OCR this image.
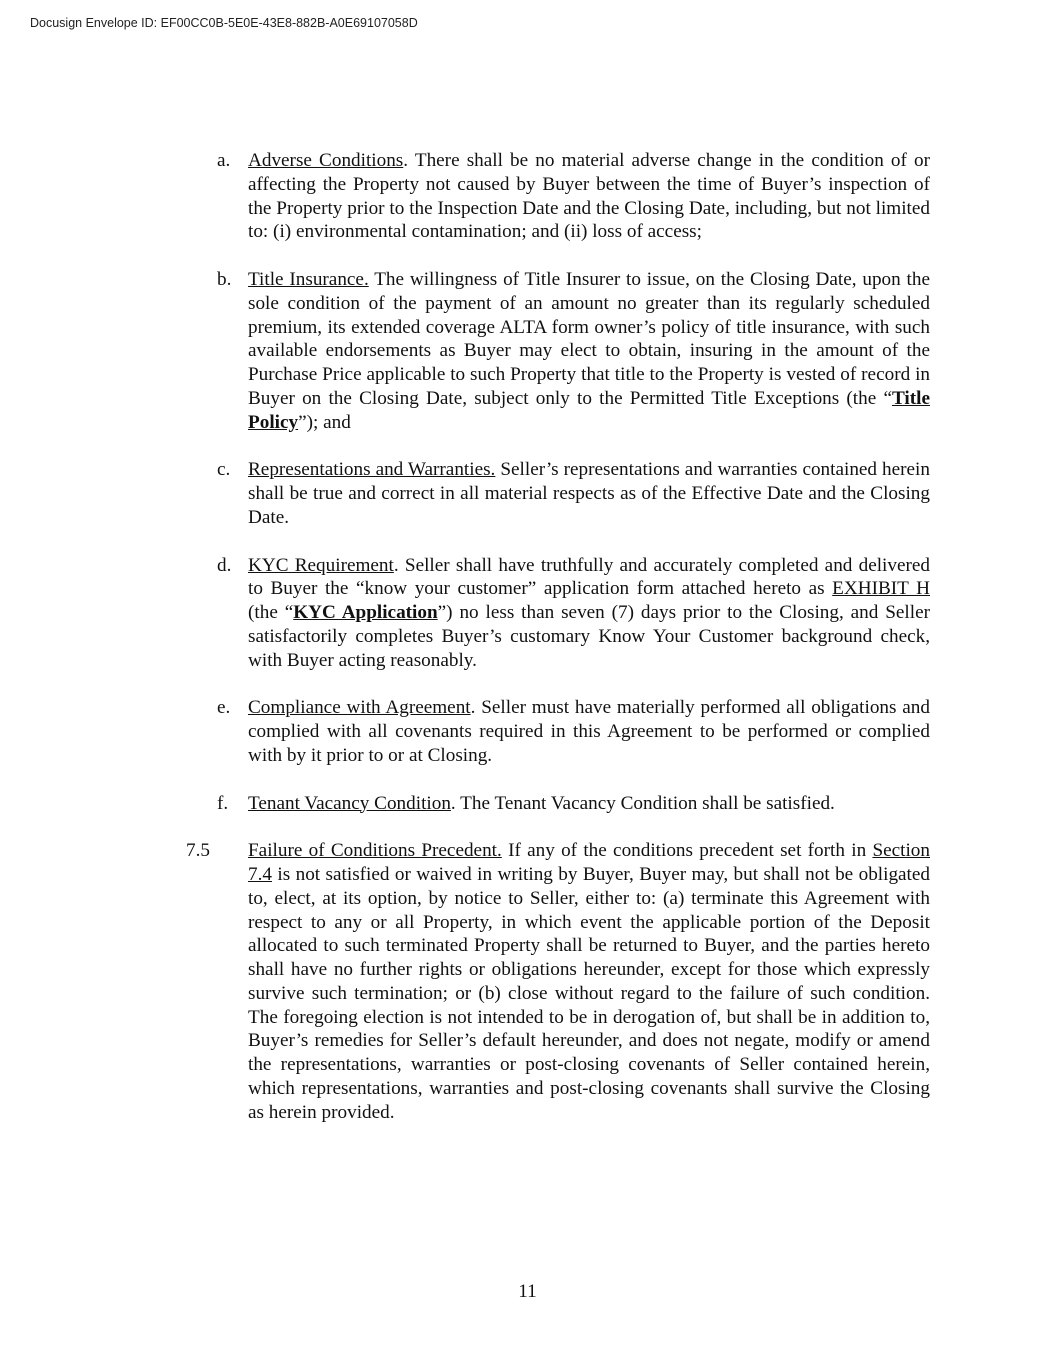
Docusign Envelope ID: EF00CC0B-5E0E-43E8-882B-A0E69107058D
a. Adverse Conditions. There shall be no material adverse change in the condition of or affecting the Property not caused by Buyer between the time of Buyer’s inspection of the Property prior to the Inspection Date and the Closing Date, including, but not limited to: (i) environmental contamination; and (ii) loss of access;
b. Title Insurance. The willingness of Title Insurer to issue, on the Closing Date, upon the sole condition of the payment of an amount no greater than its regularly scheduled premium, its extended coverage ALTA form owner’s policy of title insurance, with such available endorsements as Buyer may elect to obtain, insuring in the amount of the Purchase Price applicable to such Property that title to the Property is vested of record in Buyer on the Closing Date, subject only to the Permitted Title Exceptions (the “Title Policy”); and
c. Representations and Warranties. Seller’s representations and warranties contained herein shall be true and correct in all material respects as of the Effective Date and the Closing Date.
d. KYC Requirement. Seller shall have truthfully and accurately completed and delivered to Buyer the “know your customer” application form attached hereto as EXHIBIT H (the “KYC Application”) no less than seven (7) days prior to the Closing, and Seller satisfactorily completes Buyer’s customary Know Your Customer background check, with Buyer acting reasonably.
e. Compliance with Agreement. Seller must have materially performed all obligations and complied with all covenants required in this Agreement to be performed or complied with by it prior to or at Closing.
f. Tenant Vacancy Condition. The Tenant Vacancy Condition shall be satisfied.
7.5 Failure of Conditions Precedent. If any of the conditions precedent set forth in Section 7.4 is not satisfied or waived in writing by Buyer, Buyer may, but shall not be obligated to, elect, at its option, by notice to Seller, either to: (a) terminate this Agreement with respect to any or all Property, in which event the applicable portion of the Deposit allocated to such terminated Property shall be returned to Buyer, and the parties hereto shall have no further rights or obligations hereunder, except for those which expressly survive such termination; or (b) close without regard to the failure of such condition. The foregoing election is not intended to be in derogation of, but shall be in addition to, Buyer’s remedies for Seller’s default hereunder, and does not negate, modify or amend the representations, warranties or post-closing covenants of Seller contained herein, which representations, warranties and post-closing covenants shall survive the Closing as herein provided.
11
